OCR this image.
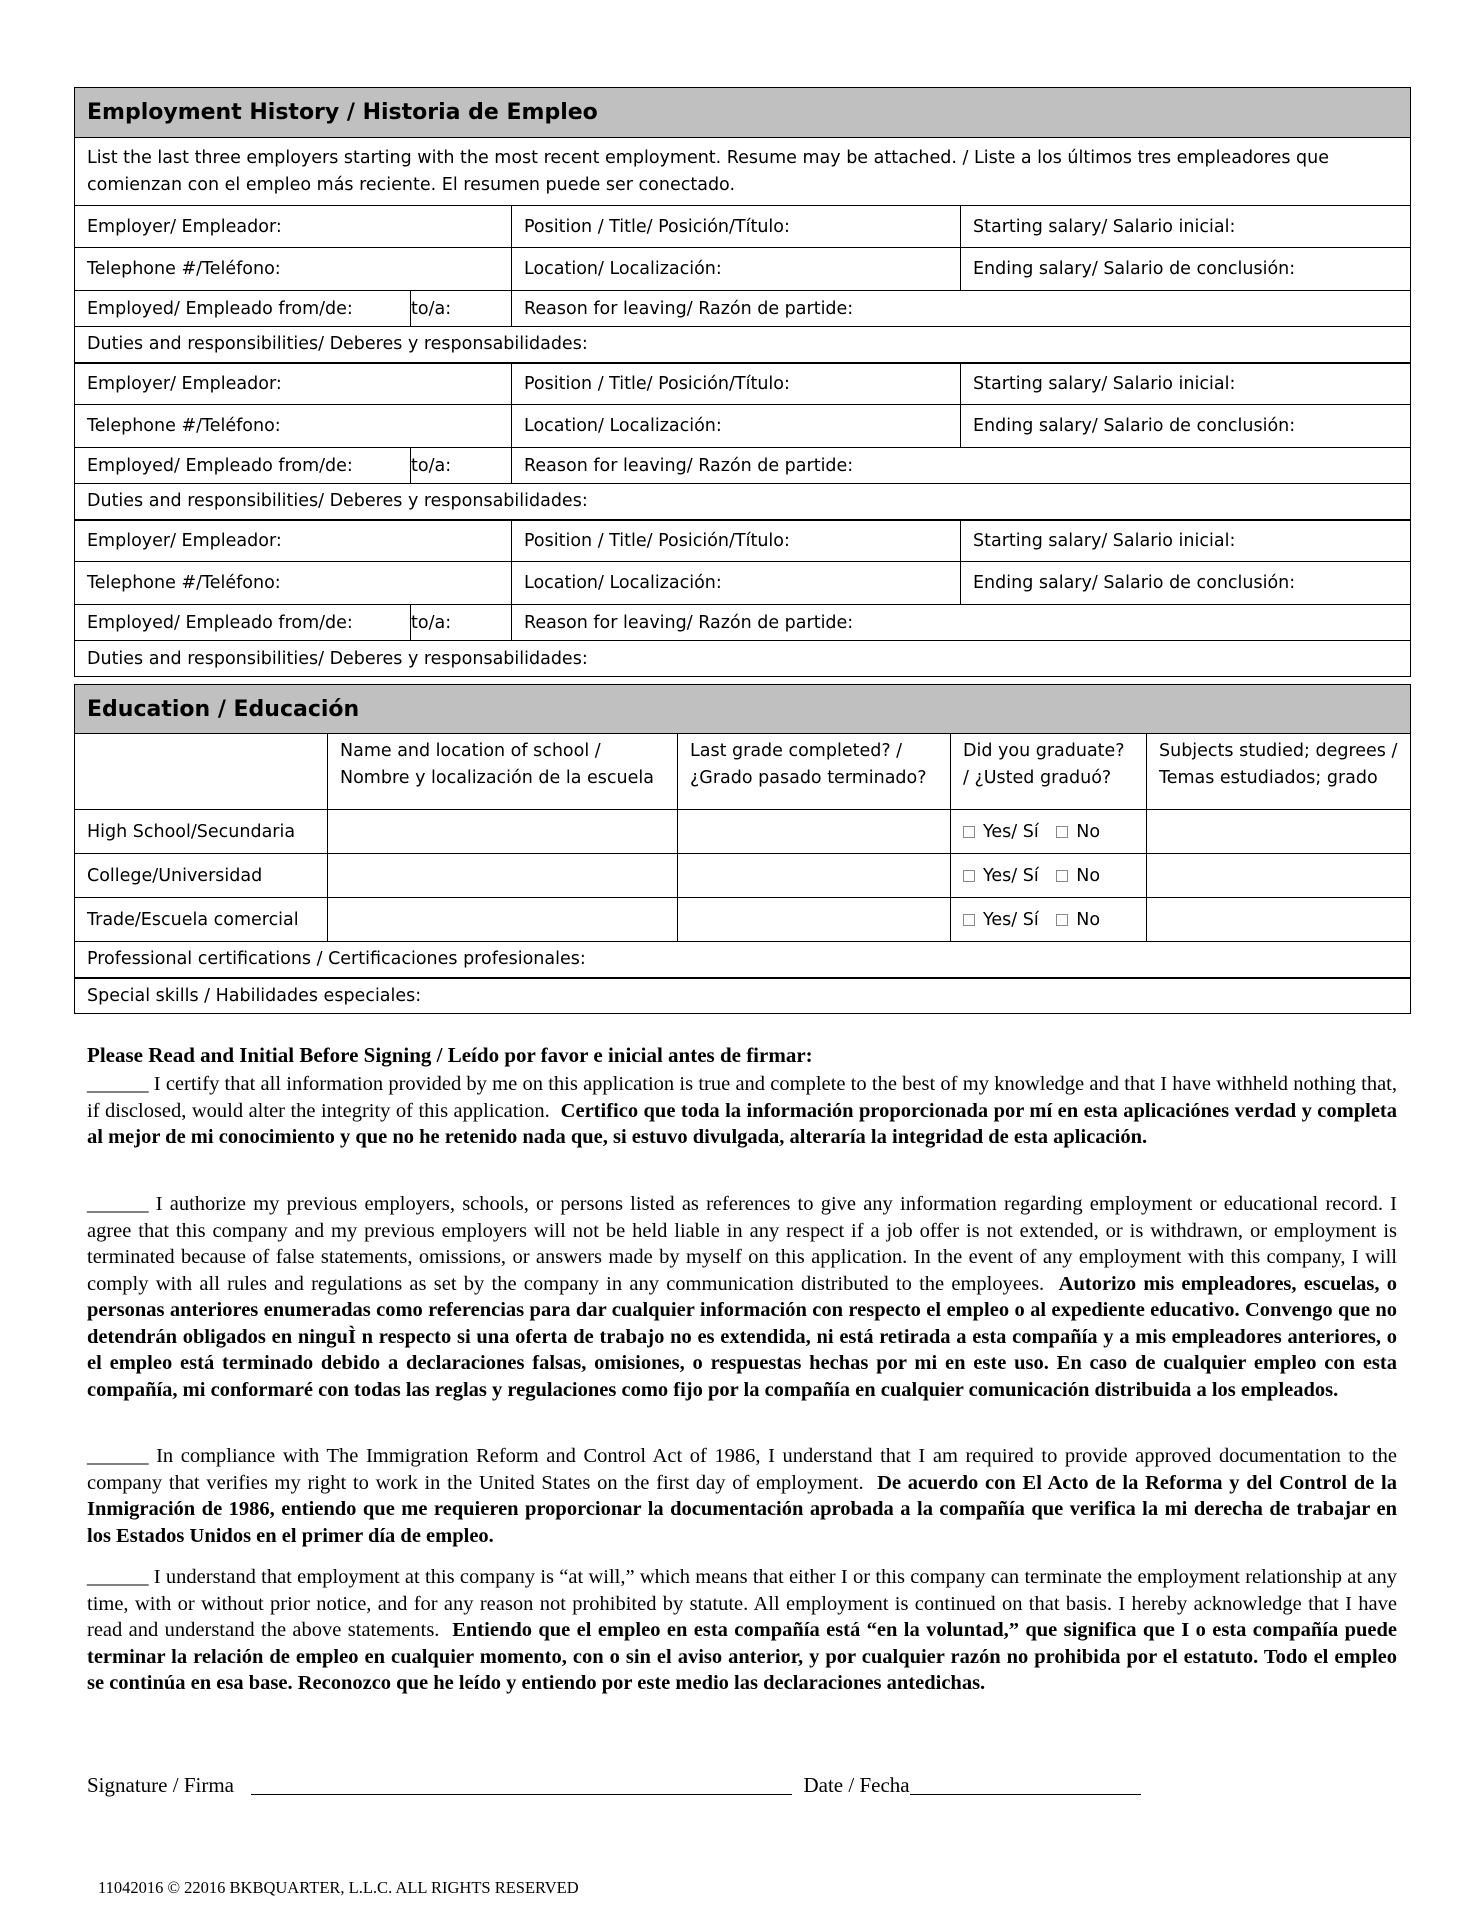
Employment History / Historia de Empleo			
List the last three employers starting with the most recent employment. Resume may be attached. / Liste a los últimos tres empleadores que comienzan con el empleo más reciente. El resumen puede ser conectado.			
Employer/ Empleador:		Position / Title/ Posición/Título:	Starting salary/ Salario inicial:
Telephone #/Teléfono:		Location/ Localización:	Ending salary/ Salario de conclusión:
Employed/ Empleado from/de:	to/a:	Reason for leaving/ Razón de partide:	
Duties and responsibilities/ Deberes y responsabilidades:			
Employer/ Empleador:		Position / Title/ Posición/Título:	Starting salary/ Salario inicial:
Telephone #/Teléfono:		Location/ Localización:	Ending salary/ Salario de conclusión:
Employed/ Empleado from/de:	to/a:	Reason for leaving/ Razón de partide:	
Duties and responsibilities/ Deberes y responsabilidades:			
Employer/ Empleador:		Position / Title/ Posición/Título:	Starting salary/ Salario inicial:
Telephone #/Teléfono:		Location/ Localización:	Ending salary/ Salario de conclusión:
Employed/ Empleado from/de:	to/a:	Reason for leaving/ Razón de partide:	
Duties and responsibilities/ Deberes y responsabilidades:			
Education / Educación				
	Name and location of school / Nombre y localización de la escuela	Last grade completed? / ¿Grado pasado terminado?	Did you graduate? / ¿Usted graduó?	Subjects studied; degrees / Temas estudiados; grado
High School/Secundaria			Yes/ Sí No	
College/Universidad			Yes/ Sí No	
Trade/Escuela comercial			Yes/ Sí No	
Professional certifications / Certificaciones profesionales:				
Special skills / Habilidades especiales:				
Please Read and Initial Before Signing / Leído por favor e inicial antes de firmar:

______ I certify that all information provided by me on this application is true and complete to the best of my knowledge and that I have withheld nothing that, if disclosed, would alter the integrity of this application. Certifico que toda la información proporcionada por mí en esta aplicaciónes verdad y completa al mejor de mi conocimiento y que no he retenido nada que, si estuvo divulgada, alteraría la integridad de esta aplicación.

______ I authorize my previous employers, schools, or persons listed as references to give any information regarding employment or educational record. I agree that this company and my previous employers will not be held liable in any respect if a job offer is not extended, or is withdrawn, or employment is terminated because of false statements, omissions, or answers made by myself on this application. In the event of any employment with this company, I will comply with all rules and regulations as set by the company in any communication distributed to the employees. Autorizo mis empleadores, escuelas, o personas anteriores enumeradas como referencias para dar cualquier información con respecto el empleo o al expediente educativo. Convengo que no detendrán obligados en ninguÌ n respecto si una oferta de trabajo no es extendida, ni está retirada a esta compañía y a mis empleadores anteriores, o el empleo está terminado debido a declaraciones falsas, omisiones, o respuestas hechas por mi en este uso. En caso de cualquier empleo con esta compañía, mi conformaré con todas las reglas y regulaciones como fijo por la compañía en cualquier comunicación distribuida a los empleados.

______ In compliance with The Immigration Reform and Control Act of 1986, I understand that I am required to provide approved documentation to the company that verifies my right to work in the United States on the first day of employment. De acuerdo con El Acto de la Reforma y del Control de la Inmigración de 1986, entiendo que me requieren proporcionar la documentación aprobada a la compañía que verifica la mi derecha de trabajar en los Estados Unidos en el primer día de empleo.

______ I understand that employment at this company is “at will,” which means that either I or this company can terminate the employment relationship at any time, with or without prior notice, and for any reason not prohibited by statute. All employment is continued on that basis. I hereby acknowledge that I have read and understand the above statements. Entiendo que el empleo en esta compañía está “en la voluntad,” que significa que I o esta compañía puede terminar la relación de empleo en cualquier momento, con o sin el aviso anterior, y por cualquier razón no prohibida por el estatuto. Todo el empleo se continúa en esa base. Reconozco que he leído y entiendo por este medio las declaraciones antedichas.

Signature / Firma	Date / Fecha
11042016 © 22016 BKBQUARTER, L.L.C. ALL RIGHTS RESERVED
